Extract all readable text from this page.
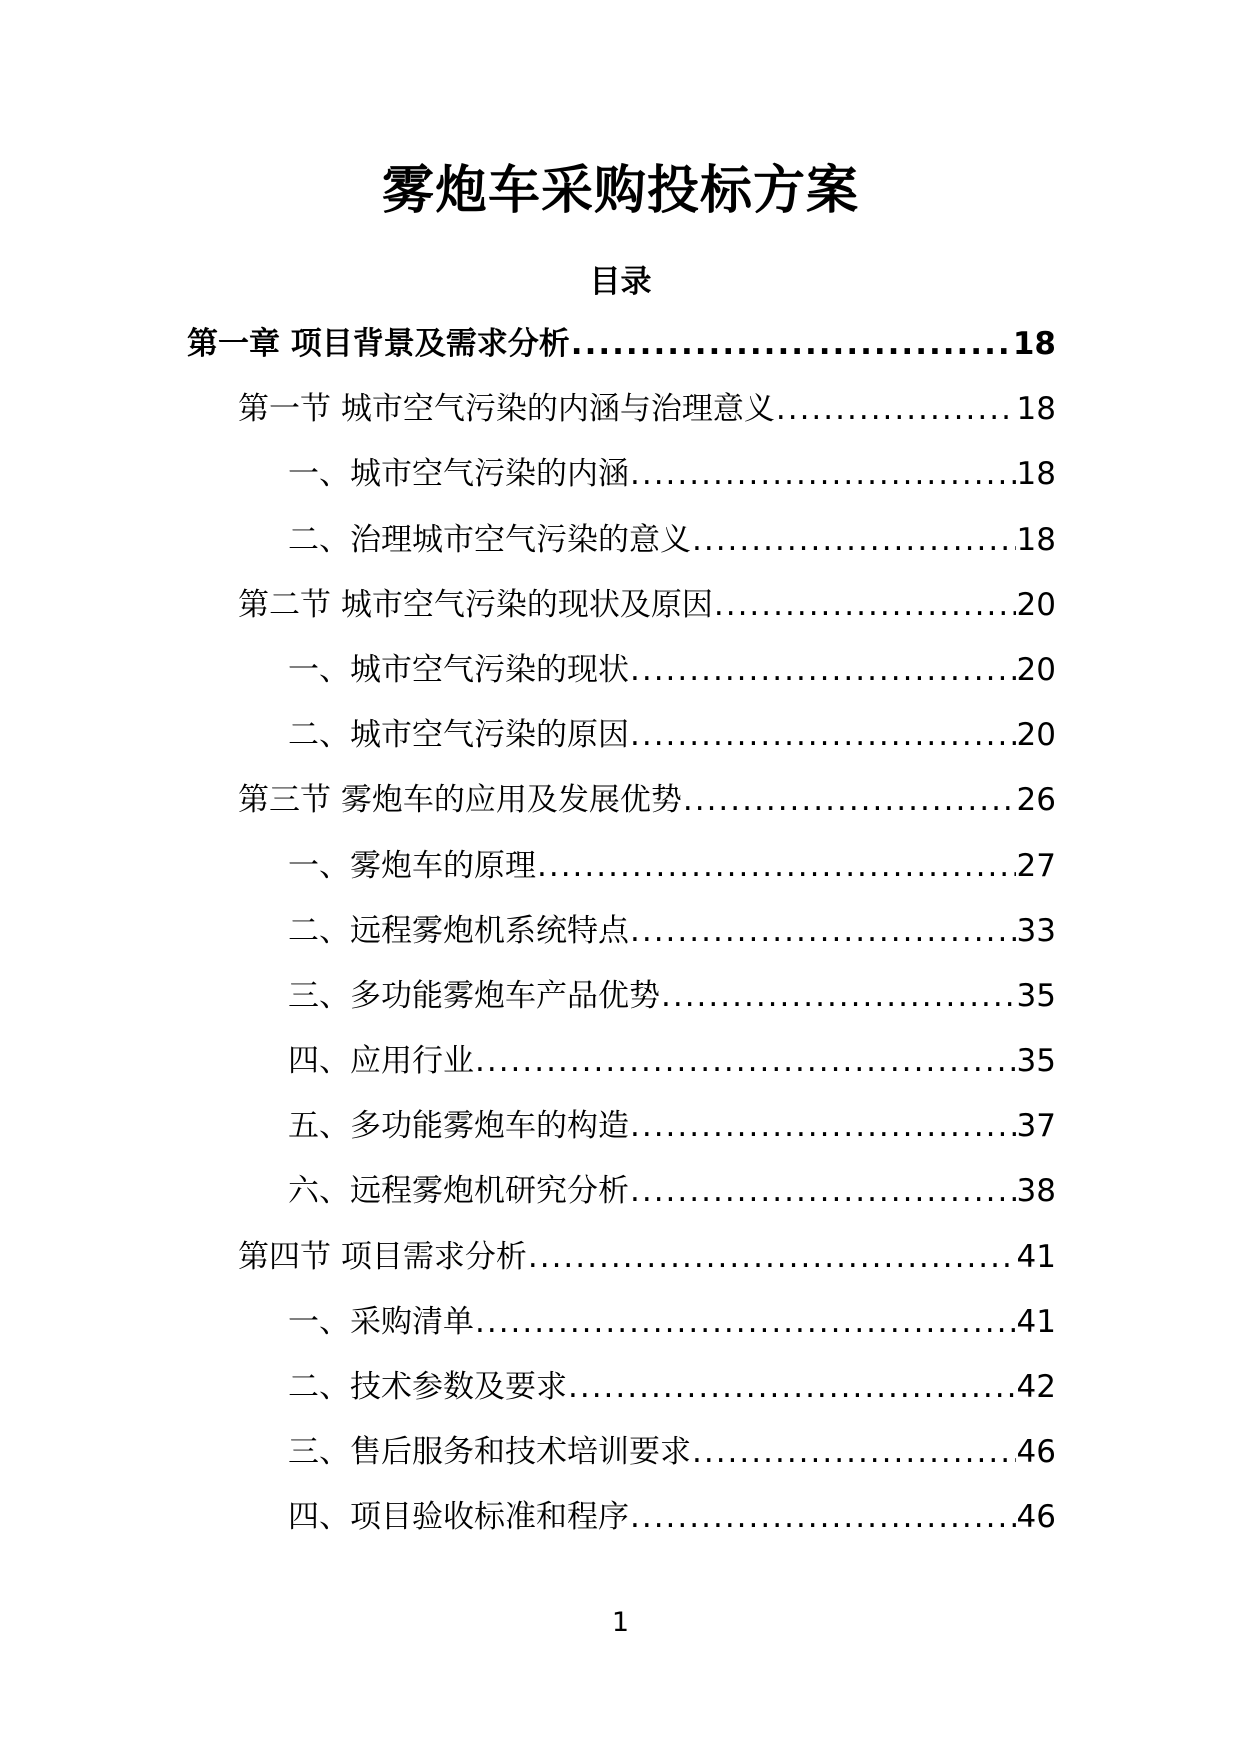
雾炮车采购投标方案
目录
第一章 项目背景及需求分析 .....	18
第一节 城市空气污染的内涵与治理意义 .....	18
一、城市空气污染的内涵 .....	18
二、治理城市空气污染的意义 .....	18
第二节 城市空气污染的现状及原因 .....	20
一、城市空气污染的现状 .....	20
二、城市空气污染的原因 .....	20
第三节 雾炮车的应用及发展优势 .....	26
一、雾炮车的原理 .....	27
二、远程雾炮机系统特点 .....	33
三、多功能雾炮车产品优势 .....	35
四、应用行业 .....	35
五、多功能雾炮车的构造 .....	37
六、远程雾炮机研究分析 .....	38
第四节 项目需求分析 .....	41
一、采购清单 .....	41
二、技术参数及要求 .....	42
三、售后服务和技术培训要求 .....	46
四、项目验收标准和程序 .....	46
1
